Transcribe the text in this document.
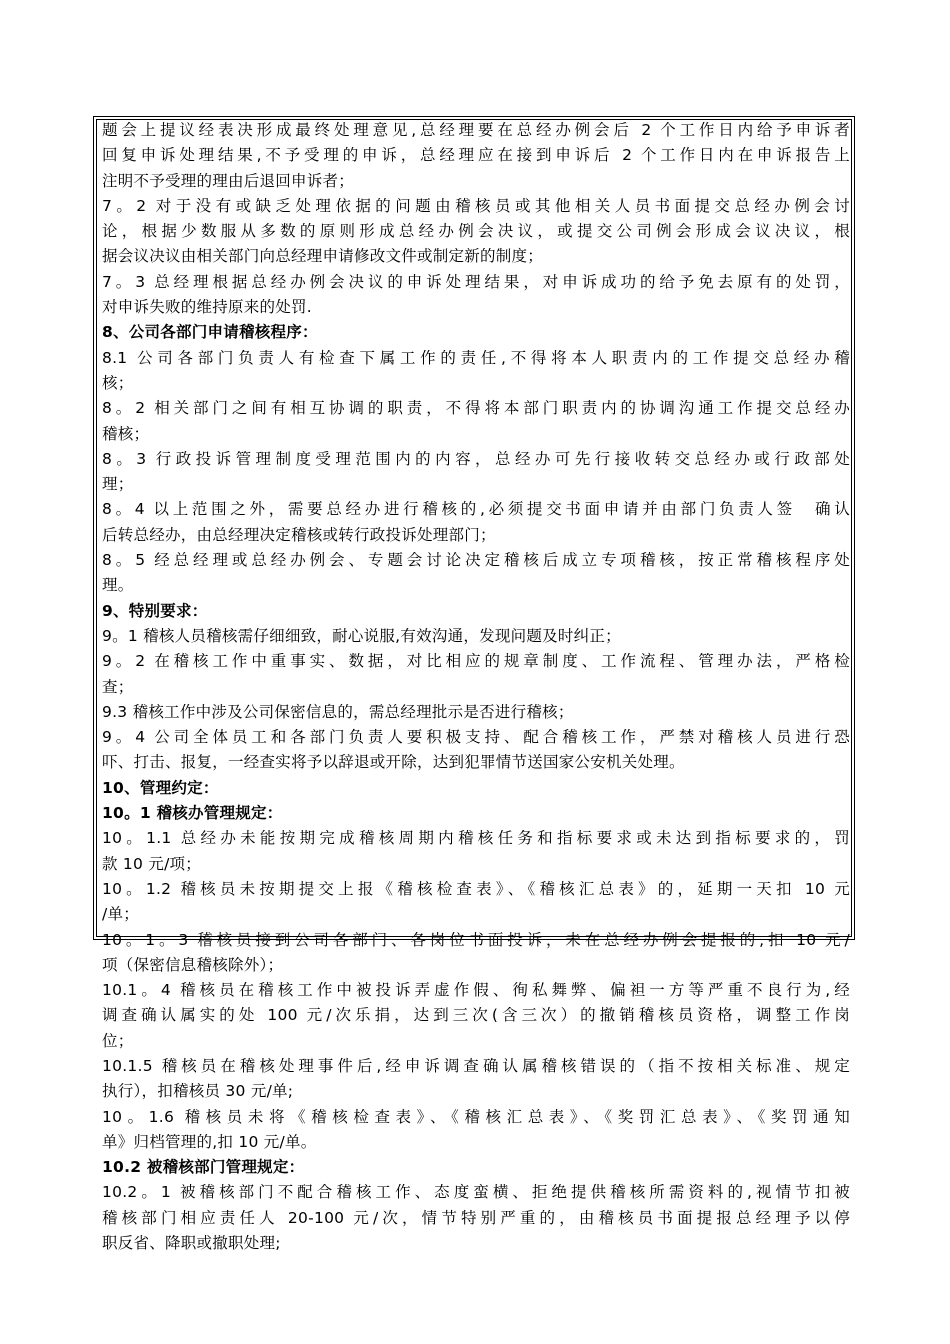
题会上提议经表决形成最终处理意见,总经理要在总经办例会后 2 个工作日内给予申诉者
回复申诉处理结果,不予受理的申诉，总经理应在接到申诉后 2 个工作日内在申诉报告上
注明不予受理的理由后退回申诉者；
7。2 对于没有或缺乏处理依据的问题由稽核员或其他相关人员书面提交总经办例会讨
论，根据少数服从多数的原则形成总经办例会决议，或提交公司例会形成会议决议，根
据会议决议由相关部门向总经理申请修改文件或制定新的制度；
7。3 总经理根据总经办例会决议的申诉处理结果，对申诉成功的给予免去原有的处罚，
对申诉失败的维持原来的处罚.
8、公司各部门申请稽核程序：
8.1 公司各部门负责人有检查下属工作的责任,不得将本人职责内的工作提交总经办稽
核；
8。2 相关部门之间有相互协调的职责，不得将本部门职责内的协调沟通工作提交总经办
稽核；
8。3 行政投诉管理制度受理范围内的内容，总经办可先行接收转交总经办或行政部处
理；
8。4 以上范围之外，需要总经办进行稽核的,必须提交书面申请并由部门负责人签　确认
后转总经办，由总经理决定稽核或转行政投诉处理部门；
8。5 经总经理或总经办例会、专题会讨论决定稽核后成立专项稽核，按正常稽核程序处
理。
9、特别要求：
9。1 稽核人员稽核需仔细细致，耐心说服,有效沟通，发现问题及时纠正；
9。2 在稽核工作中重事实、数据，对比相应的规章制度、工作流程、管理办法，严格检
查；
9.3 稽核工作中涉及公司保密信息的，需总经理批示是否进行稽核；
9。4 公司全体员工和各部门负责人要积极支持、配合稽核工作，严禁对稽核人员进行恐
吓、打击、报复，一经查实将予以辞退或开除，达到犯罪情节送国家公安机关处理。
10、管理约定：
10。1 稽核办管理规定：
10。1.1 总经办未能按期完成稽核周期内稽核任务和指标要求或未达到指标要求的，罚
款 10 元/项；
10。1.2 稽核员未按期提交上报《稽核检查表》、《稽核汇总表》的，延期一天扣 10 元
/单；
10。1。3 稽核员接到公司各部门、各岗位书面投诉，未在总经办例会提报的,扣 10 元/
项（保密信息稽核除外）；
10.1。4 稽核员在稽核工作中被投诉弄虚作假、徇私舞弊、偏袒一方等严重不良行为,经
调查确认属实的处 100 元/次乐捐，达到三次(含三次）的撤销稽核员资格，调整工作岗
位；
10.1.5 稽核员在稽核处理事件后,经申诉调查确认属稽核错误的（指不按相关标准、规定
执行），扣稽核员 30 元/单;
10。1.6 稽核员未将《稽核检查表》、《稽核汇总表》、《奖罚汇总表》、《奖罚通知
单》归档管理的,扣 10 元/单。
10.2 被稽核部门管理规定：
10.2。1 被稽核部门不配合稽核工作、态度蛮横、拒绝提供稽核所需资料的,视情节扣被
稽核部门相应责任人 20-100 元/次，情节特别严重的，由稽核员书面提报总经理予以停
职反省、降职或撤职处理;
